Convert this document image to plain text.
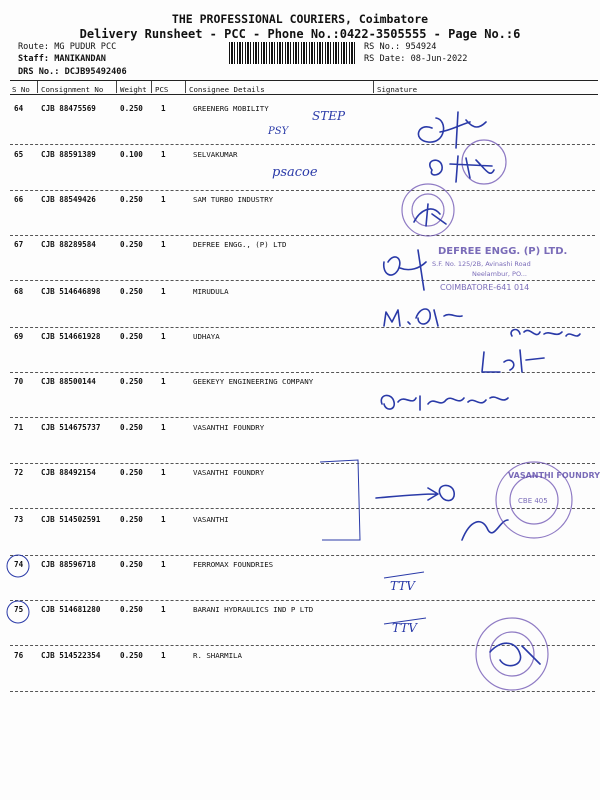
THE PROFESSIONAL COURIERS, Coimbatore
Delivery Runsheet - PCC - Phone No.:0422-3505555 - Page No.:6
Route: MG PUDUR PCC
Staff: MANIKANDAN
DRS No.: DCJB95492406
RS No.: 954924
RS Date: 08-Jun-2022
S No Consignment No Weight PCS	Consignee Details	Signature
64 CJB 88475569	0.250 1	GREENERG MOBILITY
65 CJB 88591389	0.100 1	SELVAKUMAR
66 CJB 88549426	0.250 1	SAM TURBO INDUSTRY
67 CJB 88289584	0.250 1	DEFREE ENGG., (P) LTD
68 CJB 514646898	0.250 1	MIRUDULA
69 CJB 514661928	0.250 1	UDHAYA
70 CJB 88500144	0.250 1	GEEKEYY ENGINEERING COMPANY
71 CJB 514675737	0.250 1	VASANTHI FOUNDRY
72 CJB 88492154	0.250 1	VASANTHI FOUNDRY
73 CJB 514502591	0.250 1	VASANTHI
74 CJB 88596718	0.250 1	FERROMAX FOUNDRIES
75 CJB 514681280	0.250 1	BARANI HYDRAULICS IND P LTD
76 CJB 514522354	0.250 1	R. SHARMILA
STEP
PSY
psacoe
DEFREE ENGG. (P) LTD.
S.F. No. 125/2B, Avinashi Road
Neelambur, PO...
COIMBATORE-641 014
VASANTHI FOUNDRY
CBE 405
TTV
TTV
